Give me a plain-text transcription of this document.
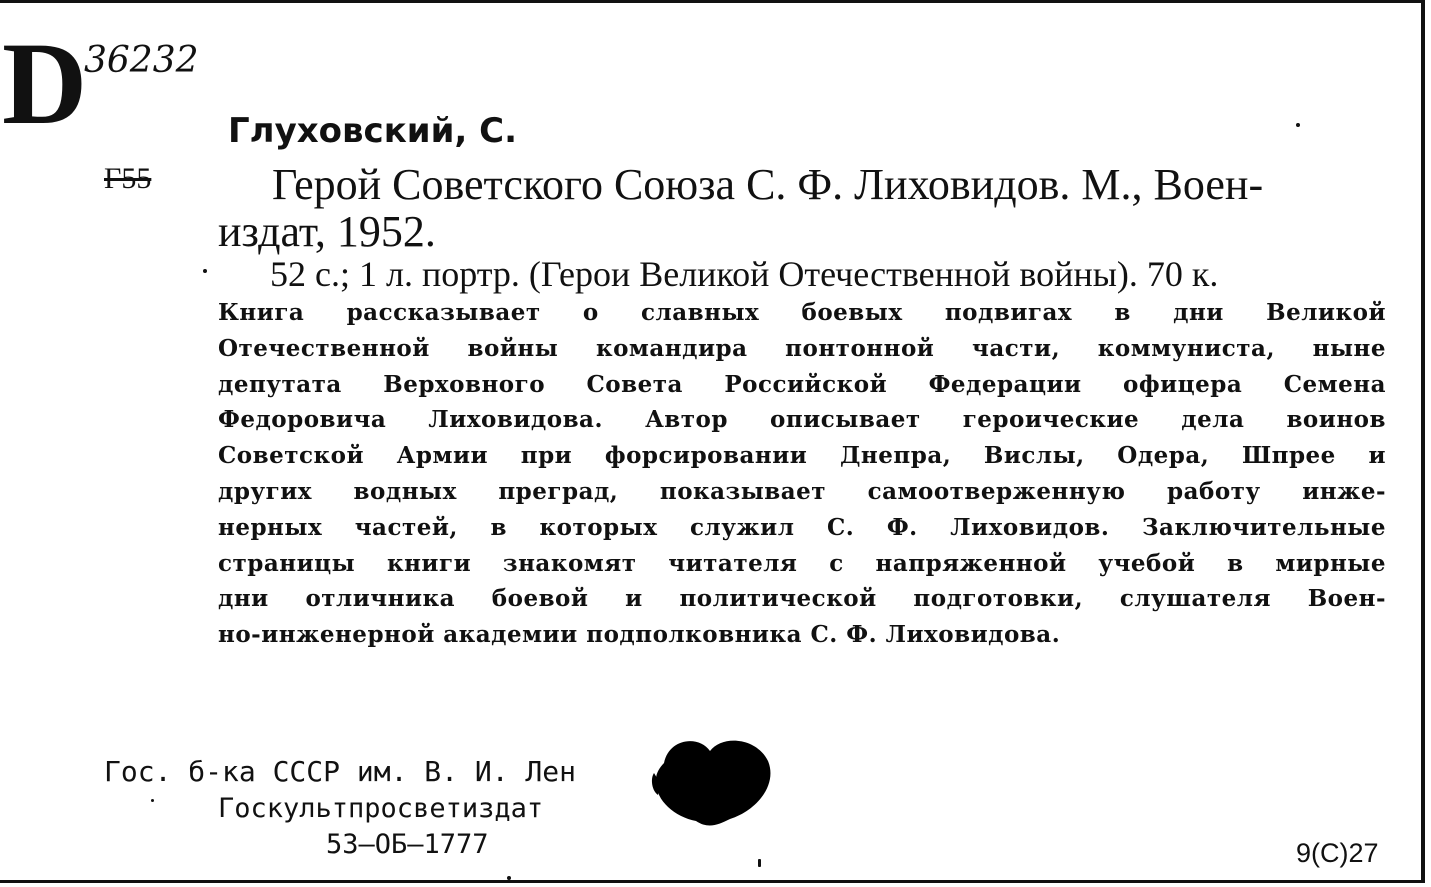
D
36232
Глуховский, С.
Г55	Герой Советского Союза С. Ф. Лиховидов. М., Воен-
издат, 1952.
52 с.; 1 л. портр. (Герои Великой Отечественной войны). 70 к.
Книга рассказывает о славных боевых подвигах в дни Великой
Отечественной войны командира понтонной части, коммуниста, ныне
депутата Верховного Совета Российской Федерации офицера Семена
Федоровича Лиховидова. Автор описывает героические дела воинов
Советской Армии при форсировании Днепра, Вислы, Одера, Шпрее и
других водных преград, показывает самоотверженную работу инже-
нерных частей, в которых служил С. Ф. Лиховидов. Заключительные
страницы книги знакомят читателя с напряженной учебой в мирные
дни отличника боевой и политической подготовки, слушателя Воен-
но-инженерной академии подполковника С. Ф. Лиховидова.
Гос. б-ка СССР им. В. И. Лен
Госкультпросветиздат
53—ОБ—1777	9(С)27
